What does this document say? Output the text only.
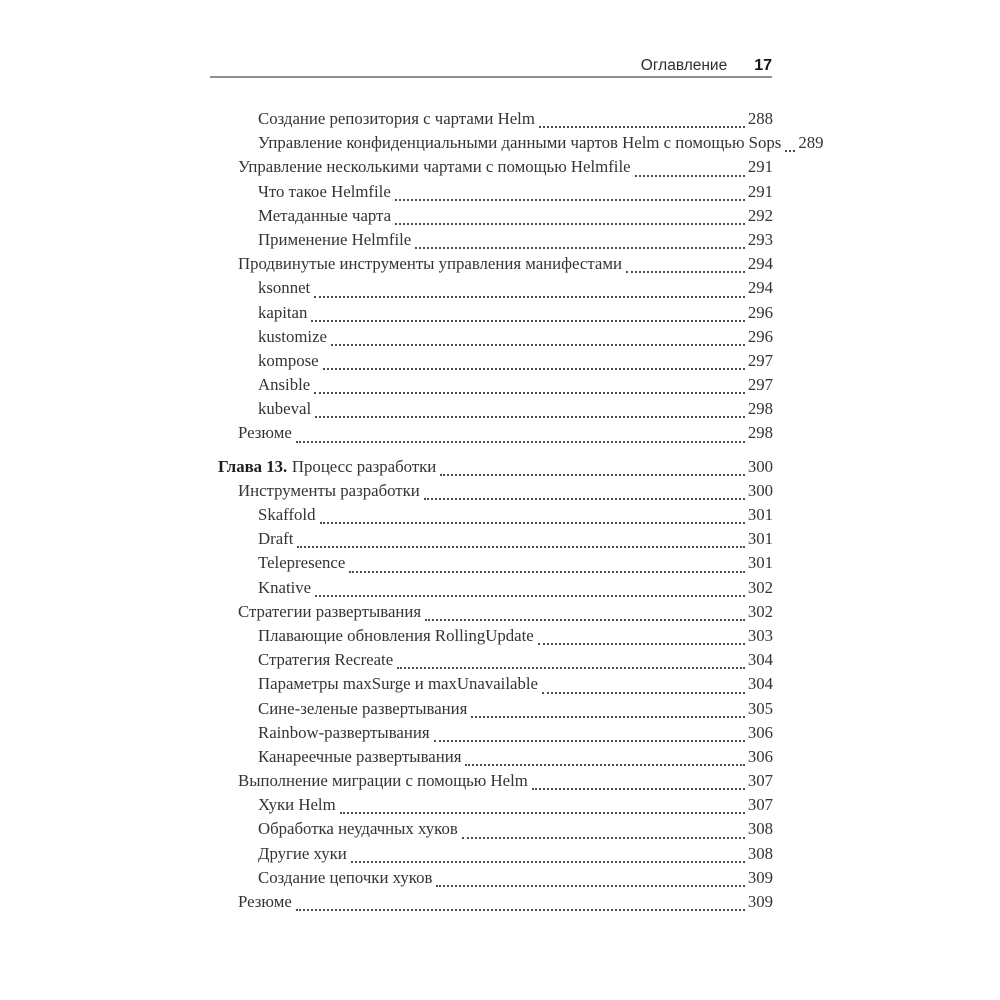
Оглавление 17
Создание репозитория с чартами Helm	288
Управление конфиденциальными данными чартов Helm с помощью Sops 289
Управление несколькими чартами с помощью Helmfile	291
Что такое Helmfile	291
Метаданные чарта	292
Применение Helmfile	293
Продвинутые инструменты управления манифестами	294
ksonnet	294
kapitan	296
kustomize	296
kompose	297
Ansible	297
kubeval	298
Резюме	298
Глава 13. Процесс разработки	300
Инструменты разработки	300
Skaffold	301
Draft	301
Telepresence	301
Knative	302
Стратегии развертывания	302
Плавающие обновления RollingUpdate	303
Стратегия Recreate	304
Параметры maxSurge и maxUnavailable	304
Сине-зеленые развертывания	305
Rainbow-развертывания	306
Канареечные развертывания	306
Выполнение миграции с помощью Helm	307
Хуки Helm	307
Обработка неудачных хуков	308
Другие хуки	308
Создание цепочки хуков	309
Резюме	309
